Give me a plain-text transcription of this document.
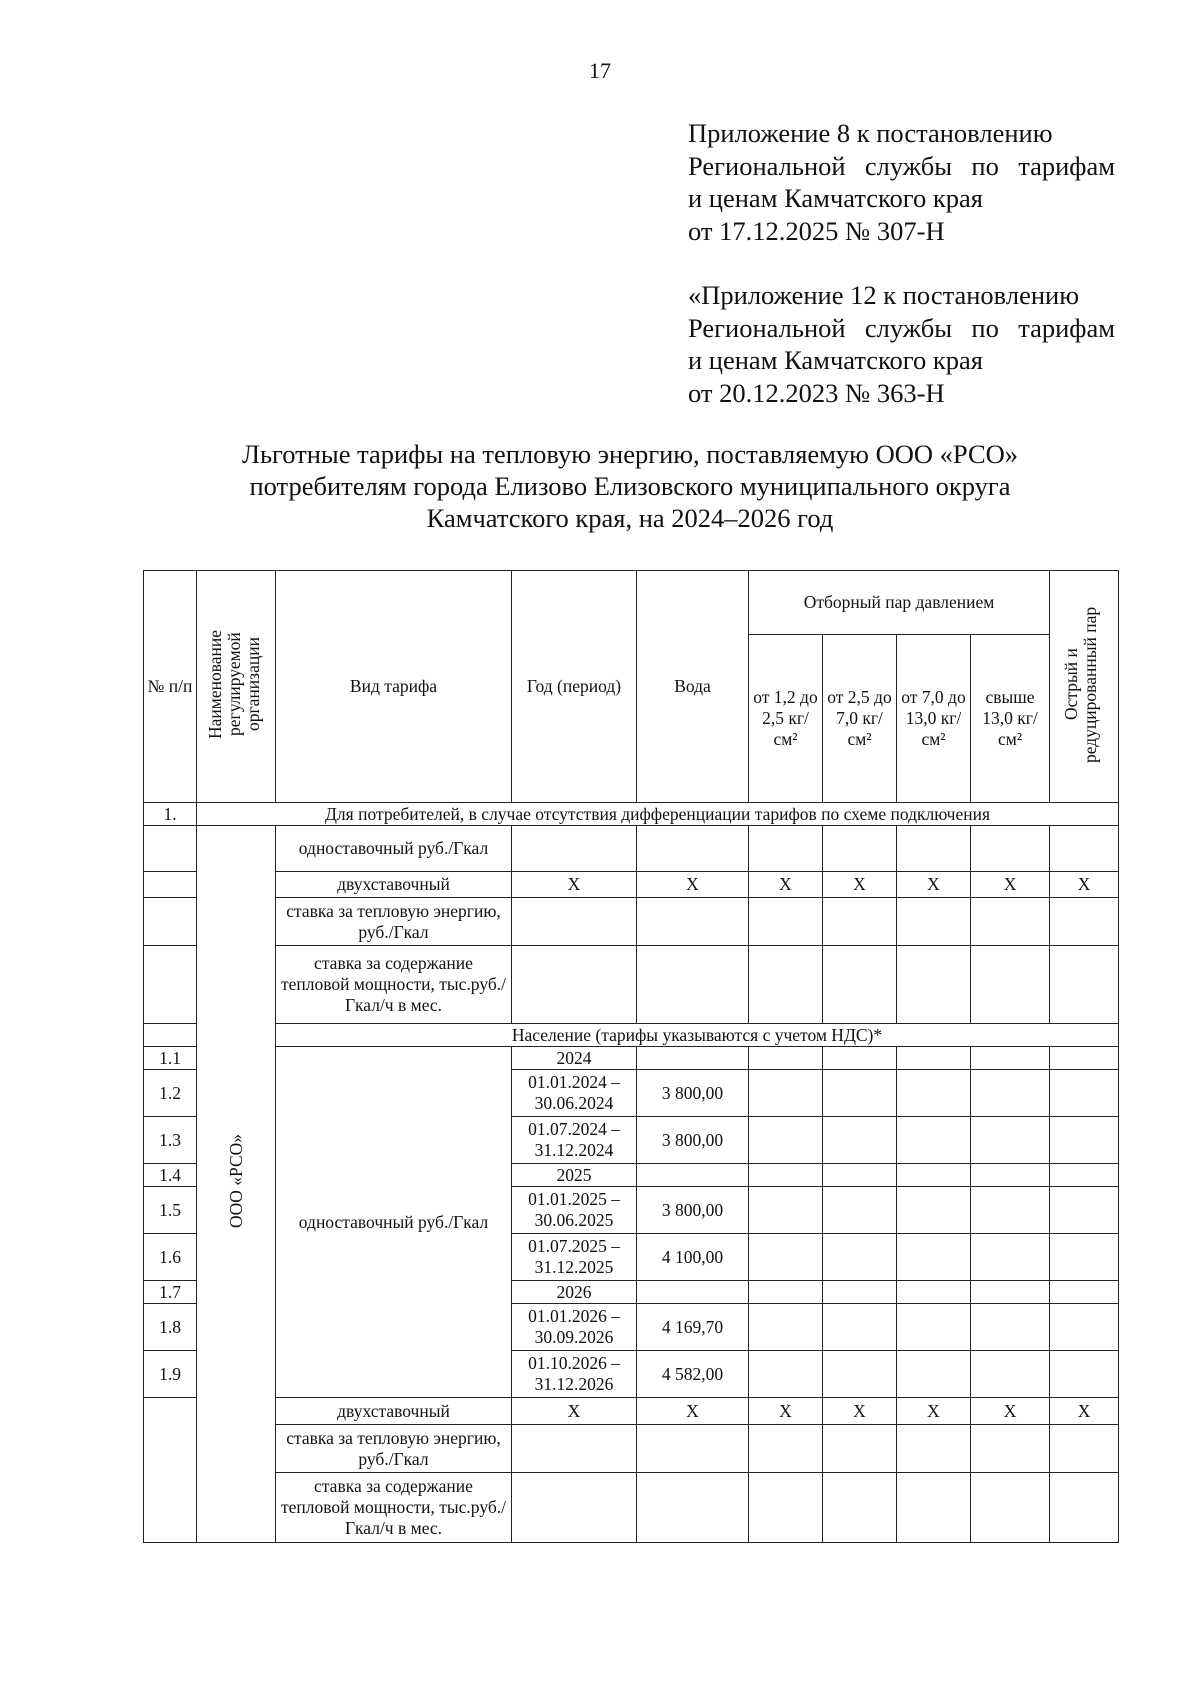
17
Приложение 8 к постановлению
Региональной службы по тарифам
и ценам Камчатского края
от 17.12.2025 № 307-Н
«Приложение 12 к постановлению
Региональной службы по тарифам
и ценам Камчатского края
от 20.12.2023 № 363-Н
Льготные тарифы на тепловую энергию, поставляемую ООО «РСО»
потребителям города Елизово Елизовского муниципального округа
Камчатского края, на 2024–2026 год
№ п/п	Наименование регулируемой организации	Вид тарифа	Год (период)	Вода	Отборный пар давлением				Острый и редуцированный пар
					от 1,2 до 2,5 кг/см²	от 2,5 до 7,0 кг/см²	от 7,0 до 13,0 кг/см²	свыше 13,0 кг/см²	
1.	Для потребителей, в случае отсутствия дифференциации тарифов по схеме подключения								
	ООО «РСО»	одноставочный руб./Гкал							
		двухставочный	X	X	X	X	X	X	X
		ставка за тепловую энергию, руб./Гкал							
		ставка за содержание тепловой мощности, тыс.руб./Гкал/ч в мес.							
		Население (тарифы указываются с учетом НДС)*							
1.1		одноставочный руб./Гкал	2024						
1.2			01.01.2024 – 30.06.2024	3 800,00					
1.3			01.07.2024 – 31.12.2024	3 800,00					
1.4			2025						
1.5			01.01.2025 – 30.06.2025	3 800,00					
1.6			01.07.2025 – 31.12.2025	4 100,00					
1.7			2026						
1.8			01.01.2026 – 30.09.2026	4 169,70					
1.9			01.10.2026 – 31.12.2026	4 582,00					
		двухставочный	X	X	X	X	X	X	X
		ставка за тепловую энергию, руб./Гкал							
		ставка за содержание тепловой мощности, тыс.руб./Гкал/ч в мес.							
